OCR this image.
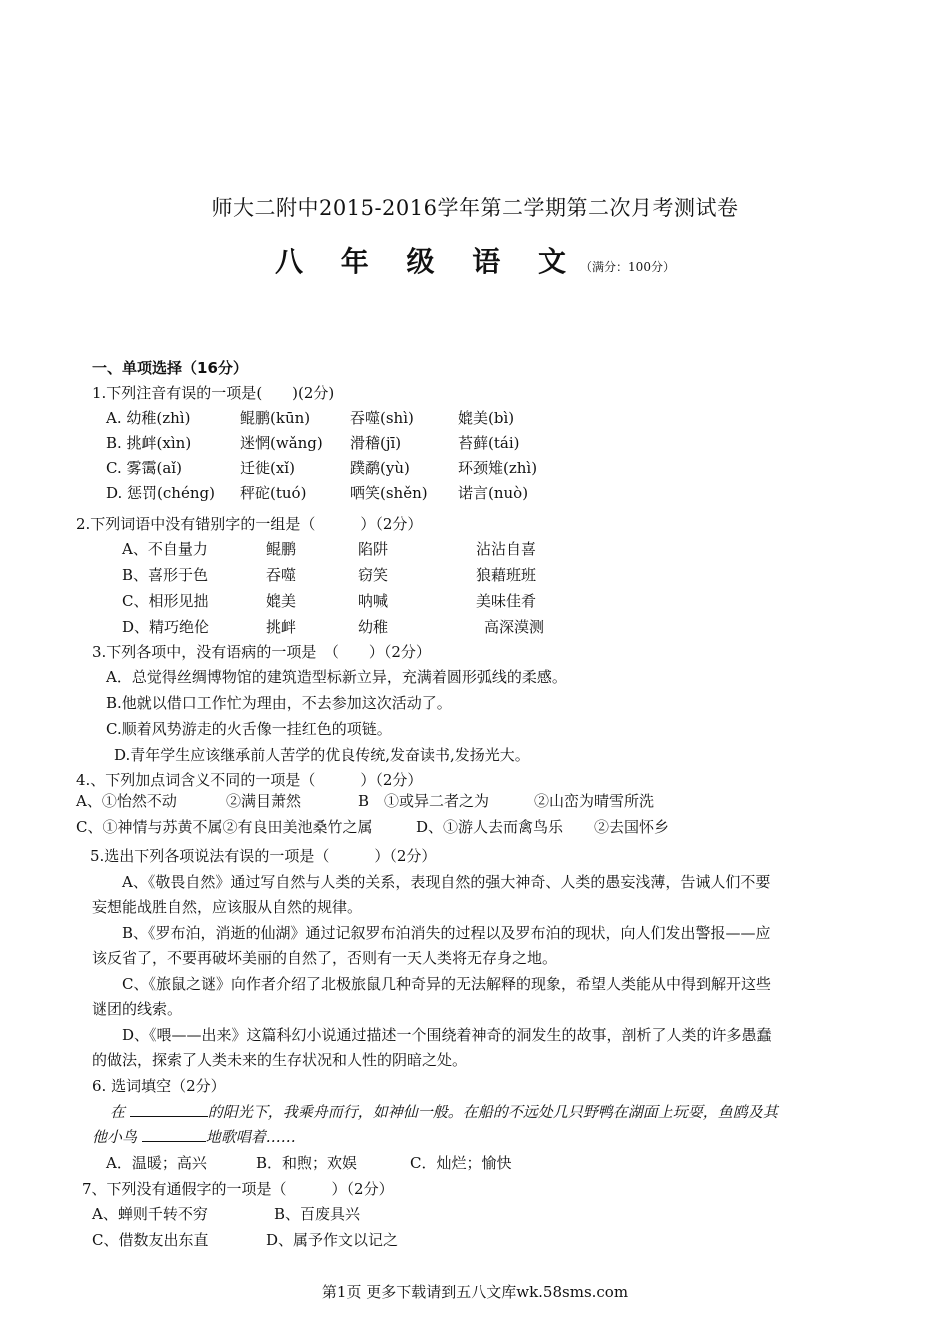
师大二附中2015-2016学年第二学期第二次月考测试卷
八 年 级 语 文（满分：100分）
一、单项选择（16分）
1.下列注音有误的一项是(　　)(2分)
A. 幼稚(zhì)	鲲鹏(kūn)	吞噬(shì)	媲美(bì)
B. 挑衅(xìn)	迷惘(wǎng) 滑稽(jī)	苔藓(tái)
C. 雾霭(aǐ)	迁徙(xǐ)	蹼鹬(yù)	环颈雉(zhì)
D. 惩罚(chéng) 秤砣(tuó)	哂笑(shěn) 诺言(nuò)
2.下列词语中没有错别字的一组是（　　　）（2分）
A、不自量力	鲲鹏	陷阱	沾沾自喜
B、喜形于色	吞噬	窃笑	狼藉班班
C、相形见拙	媲美	呐喊	美味佳肴
D、精巧绝伦	挑衅	幼稚	高深漠测
3.下列各项中，没有语病的一项是　（　　）（2分）
A．总觉得丝绸博物馆的建筑造型标新立异，充满着圆形弧线的柔感。
B.他就以借口工作忙为理由，不去参加这次活动了。
C.顺着风势游走的火舌像一挂红色的项链。
D.青年学生应该继承前人苦学的优良传统,发奋读书,发扬光大。
4.、下列加点词含义不同的一项是（　　　）（2分）
A、①怡然不动	②满目萧然	B　①或异二者之为	②山峦为晴雪所洗
C、①神情与苏黄不属②有良田美池桑竹之属	D、①游人去而禽鸟乐 ②去国怀乡
5.选出下列各项说法有误的一项是（　　　）（2分）
A、《敬畏自然》通过写自然与人类的关系，表现自然的强大神奇、人类的愚妄浅薄，告诫人们不要
妄想能战胜自然，应该服从自然的规律。
B、《罗布泊，消逝的仙湖》通过记叙罗布泊消失的过程以及罗布泊的现状，向人们发出警报——应
该反省了，不要再破坏美丽的自然了，否则有一天人类将无存身之地。
C、《旅鼠之谜》向作者介绍了北极旅鼠几种奇异的无法解释的现象，希望人类能从中得到解开这些
谜团的线索。
D、《喂——出来》这篇科幻小说通过描述一个围绕着神奇的洞发生的故事，剖析了人类的许多愚蠢
的做法，探索了人类未来的生存状况和人性的阴暗之处。
6. 选词填空（2分）
在	的阳光下，我乘舟而行，如神仙一般。在船的不远处几只野鸭在湖面上玩耍，鱼鸥及其
他小鸟	地歌唱着……
A．温暖；高兴	B．和煦；欢娱	C．灿烂；愉快
7、下列没有通假字的一项是（　　　）（2分）
A、蝉则千转不穷	B、百废具兴
C、借数友出东直	D、属予作文以记之
第1页 更多下载请到五八文库wk.58sms.com
